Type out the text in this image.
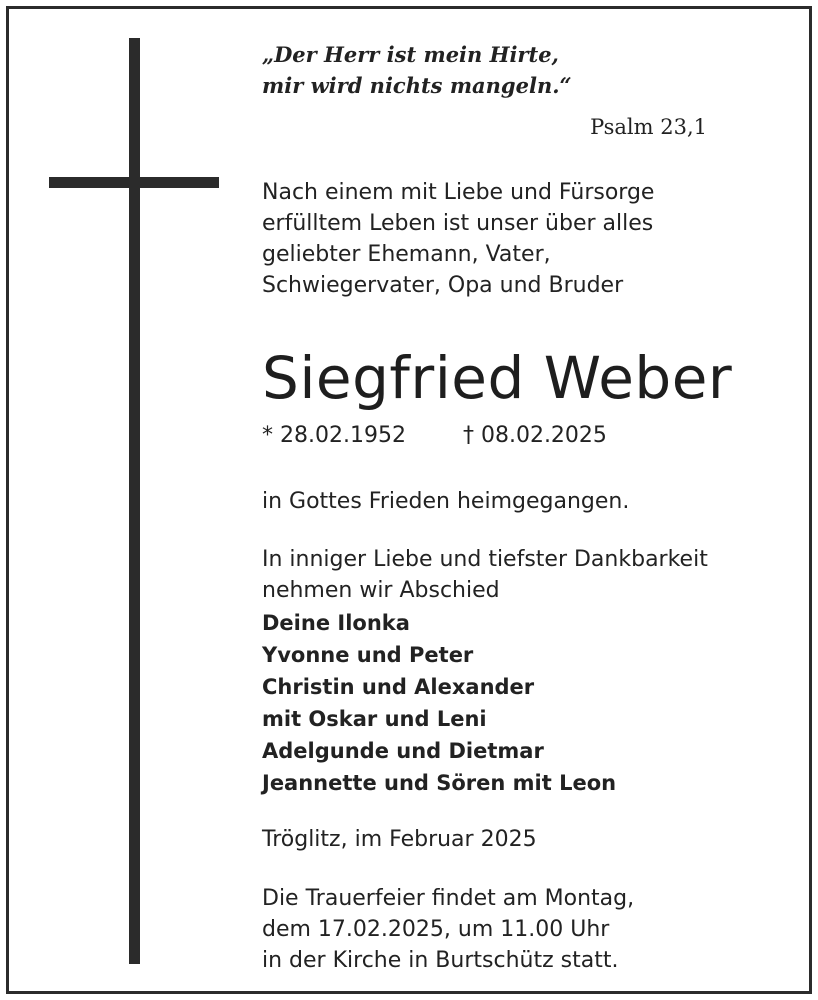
„Der Herr ist mein Hirte,
mir wird nichts mangeln.“
Psalm 23,1
Nach einem mit Liebe und Fürsorge
erfülltem Leben ist unser über alles
geliebter Ehemann, Vater,
Schwiegervater, Opa und Bruder
Siegfried Weber
* 28.02.1952	† 08.02.2025
in Gottes Frieden heimgegangen.
In inniger Liebe und tiefster Dankbarkeit
nehmen wir Abschied
Deine Ilonka
Yvonne und Peter
Christin und Alexander
mit Oskar und Leni
Adelgunde und Dietmar
Jeannette und Sören mit Leon
Tröglitz, im Februar 2025
Die Trauerfeier findet am Montag,
dem 17.02.2025, um 11.00 Uhr
in der Kirche in Burtschütz statt.
